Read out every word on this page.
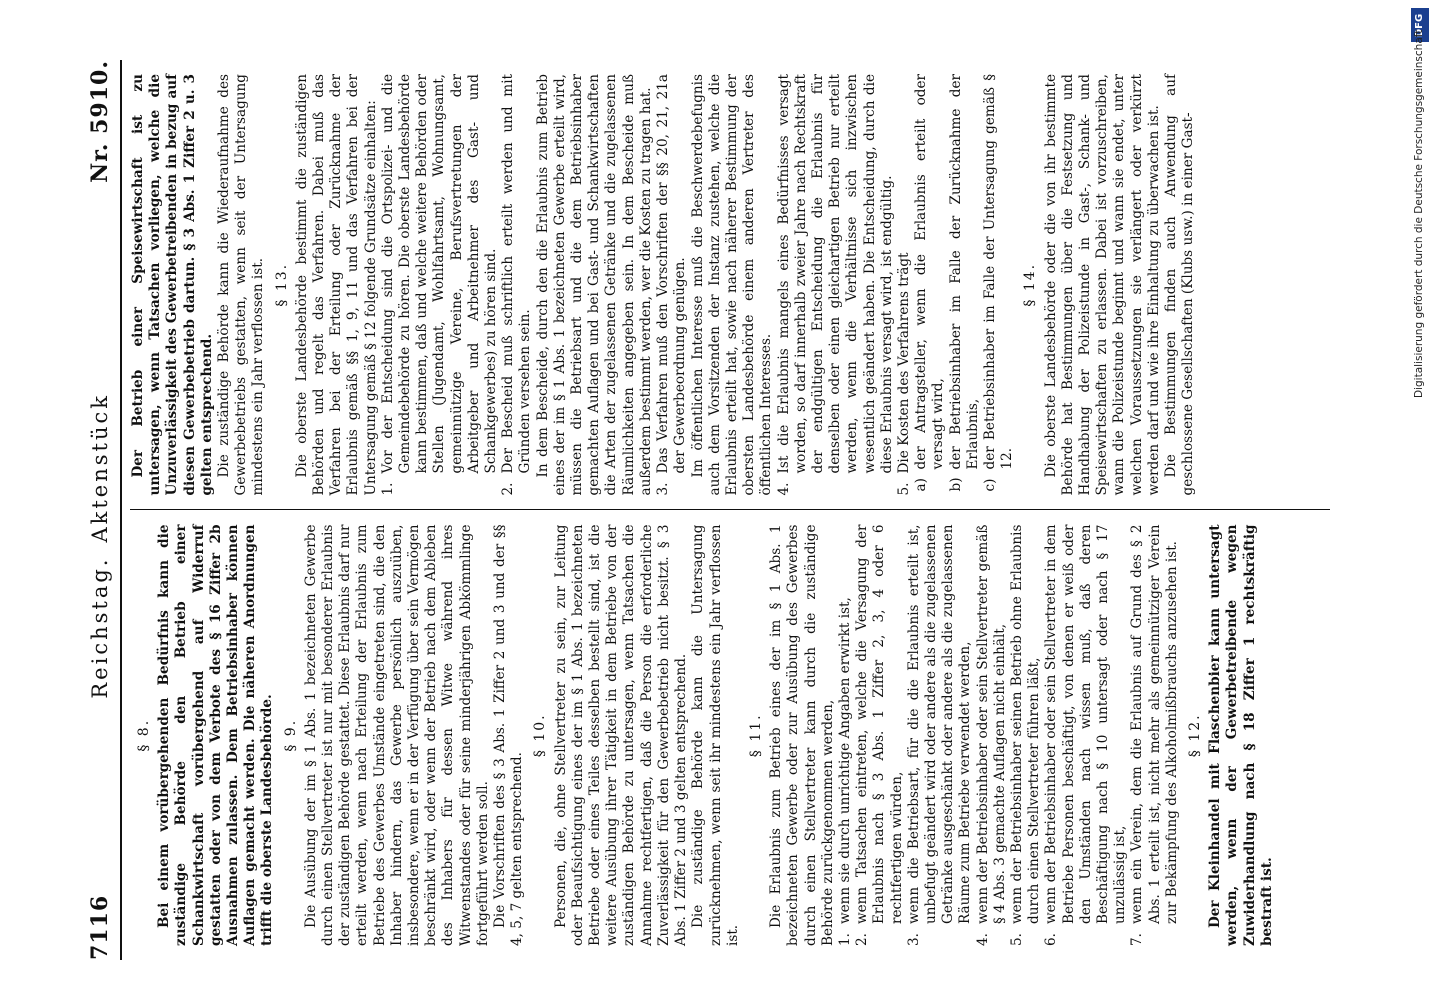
7116
Reichstag.Aktenstück
Nr. 5910.
§ 8. Bei einem vorübergehenden Bedürfnis kann die zuständige Behörde den Betrieb einer Schankwirtschaft vorübergehend auf Widerruf gestatten oder von dem Verbote des § 16 Ziffer 2b Ausnahmen zulassen. Dem Betriebsinhaber können Auflagen gemacht werden. Die näheren Anordnungen trifft die oberste Landesbehörde. § 9. Die Ausübung der im § 1 Abs. 1 bezeichneten Gewerbe durch einen Stellvertreter ist nur mit besonderer Erlaubnis der zuständigen Behörde gestattet. Diese Erlaubnis darf nur erteilt werden, wenn nach Erteilung der Erlaubnis zum Betriebe des Gewerbes Umstände eingetreten sind, die den Inhaber hindern, das Gewerbe persönlich auszuüben, insbesondere, wenn er in der Verfügung über sein Vermögen beschränkt wird, oder wenn der Betrieb nach dem Ableben des Inhabers für dessen Witwe während ihres Witwenstandes oder für seine minderjährigen Abkömmlinge fortgeführt werden soll. Die Vorschriften des § 3 Abs. 1 Ziffer 2 und 3 und der §§ 4, 5, 7 gelten entsprechend.

§ 10. Personen, die, ohne Stellvertreter zu sein, zur Leitung oder Beaufsichtigung eines der im § 1 Abs. 1 bezeichneten Betriebe oder eines Teiles desselben bestellt sind, ist die weitere Ausübung ihrer Tätigkeit in dem Betriebe von der zuständigen Behörde zu untersagen, wenn Tatsachen die Annahme rechtfertigen, daß die Person die erforderliche Zuverlässigkeit für den Gewerbebetrieb nicht besitzt. § 3 Abs. 1 Ziffer 2 und 3 gelten entsprechend. Die zuständige Behörde kann die Untersagung zurücknehmen, wenn seit ihr mindestens ein Jahr verflossen ist.

§ 11. Die Erlaubnis zum Betrieb eines der im § 1 Abs. 1 bezeichneten Gewerbe oder zur Ausübung des Gewerbes durch einen Stellvertreter kann durch die zuständige Behörde zurückgenommen werden, 1.
wenn sie durch unrichtige Angaben erwirkt ist,
2.
wenn Tatsachen eintreten, welche die Versagung der Erlaubnis nach § 3 Abs. 1 Ziffer 2, 3, 4 oder 6 rechtfertigen würden,
3.
wenn die Betriebsart, für die die Erlaubnis erteilt ist, unbefugt geändert wird oder andere als die zugelassenen Getränke ausgeschänkt oder andere als die zugelassenen Räume zum Betriebe verwendet werden,
4.
wenn der Betriebsinhaber oder sein Stellvertreter gemäß § 4 Abs. 3 gemachte Auflagen nicht einhält,
5.
wenn der Betriebsinhaber seinen Betrieb ohne Erlaubnis durch einen Stellvertreter führen läßt,
6.
wenn der Betriebsinhaber oder sein Stellvertreter in dem Betriebe Personen beschäftigt, von denen er weiß oder den Umständen nach wissen muß, daß deren Beschäftigung nach § 10 untersagt oder nach § 17 unzulässig ist,
7.
wenn ein Verein, dem die Erlaubnis auf Grund des § 2 Abs. 1 erteilt ist, nicht mehr als gemeinnütziger Verein zur Bekämpfung des Alkoholmißbrauchs anzusehen ist. § 12. Der Kleinhandel mit Flaschenbier kann untersagt werden, wenn der Gewerbetreibende wegen Zuwiderhandlung nach § 18 Ziffer 1 rechtskräftig bestraft ist.

Der Betrieb einer Speisewirtschaft ist zu untersagen, wenn Tatsachen vorliegen, welche die Unzuverlässigkeit des Gewerbetreibenden in bezug auf diesen Gewerbebetrieb dartun. § 3 Abs. 1 Ziffer 2 u. 3 gelten entsprechend. Die zuständige Behörde kann die Wiederaufnahme des Gewerbebetriebs gestatten, wenn seit der Untersagung mindestens ein Jahr verflossen ist. § 13. Die oberste Landesbehörde bestimmt die zuständigen Behörden und regelt das Verfahren. Dabei muß das Verfahren bei der Erteilung oder Zurücknahme der Erlaubnis gemäß §§ 1, 9, 11 und das Verfahren bei der Untersagung gemäß § 12 folgende Grundsätze einhalten: 1.
Vor der Entscheidung sind die Ortspolizei- und die Gemeindebehörde zu hören. Die oberste Landesbehörde kann bestimmen, daß und welche weitere Behörden oder Stellen (Jugendamt, Wohlfahrtsamt, Wohnungsamt, gemeinnützige Vereine, Berufsvertretungen der Arbeitgeber und Arbeitnehmer des Gast- und Schankgewerbes) zu hören sind.
2.
Der Bescheid muß schriftlich erteilt werden und mit Gründen versehen sein. In dem Bescheide, durch den die Erlaubnis zum Betrieb eines der im § 1 Abs. 1 bezeichneten Gewerbe erteilt wird, müssen die Betriebsart und die dem Betriebsinhaber gemachten Auflagen und bei Gast- und Schankwirtschaften die Arten der zugelassenen Getränke und die zugelassenen Räumlichkeiten angegeben sein. In dem Bescheide muß außerdem bestimmt werden, wer die Kosten zu tragen hat. 3.
Das Verfahren muß den Vorschriften der §§ 20, 21, 21a der Gewerbeordnung genügen. Im öffentlichen Interesse muß die Beschwerdebefugnis auch dem Vorsitzenden der Instanz zustehen, welche die Erlaubnis erteilt hat, sowie nach näherer Bestimmung der obersten Landesbehörde einem anderen Vertreter des öffentlichen Interesses. 4.
Ist die Erlaubnis mangels eines Bedürfnisses versagt worden, so darf innerhalb zweier Jahre nach Rechtskraft der endgültigen Entscheidung die Erlaubnis für denselben oder einen gleichartigen Betrieb nur erteilt werden, wenn die Verhältnisse sich inzwischen wesentlich geändert haben. Die Entscheidung, durch die diese Erlaubnis versagt wird, ist endgültig.
5.
Die Kosten des Verfahrens trägt
a)
der Antragsteller, wenn die Erlaubnis erteilt oder versagt wird,
b)
der Betriebsinhaber im Falle der Zurücknahme der Erlaubnis,
c)
der Betriebsinhaber im Falle der Untersagung gemäß § 12.
§ 14. Die oberste Landesbehörde oder die von ihr bestimmte Behörde hat Bestimmungen über die Festsetzung und Handhabung der Polizeistunde in Gast-, Schank- und Speisewirtschaften zu erlassen. Dabei ist vorzuschreiben, wann die Polizeistunde beginnt und wann sie endet, unter welchen Voraussetzungen sie verlängert oder verkürzt werden darf und wie ihre Einhaltung zu überwachen ist. Die Bestimmungen finden auch Anwendung auf geschlossene Gesellschaften (Klubs usw.) in einer Gast-

DFG
Digitalisierung gefördert durch die Deutsche Forschungsgemeinschaft
